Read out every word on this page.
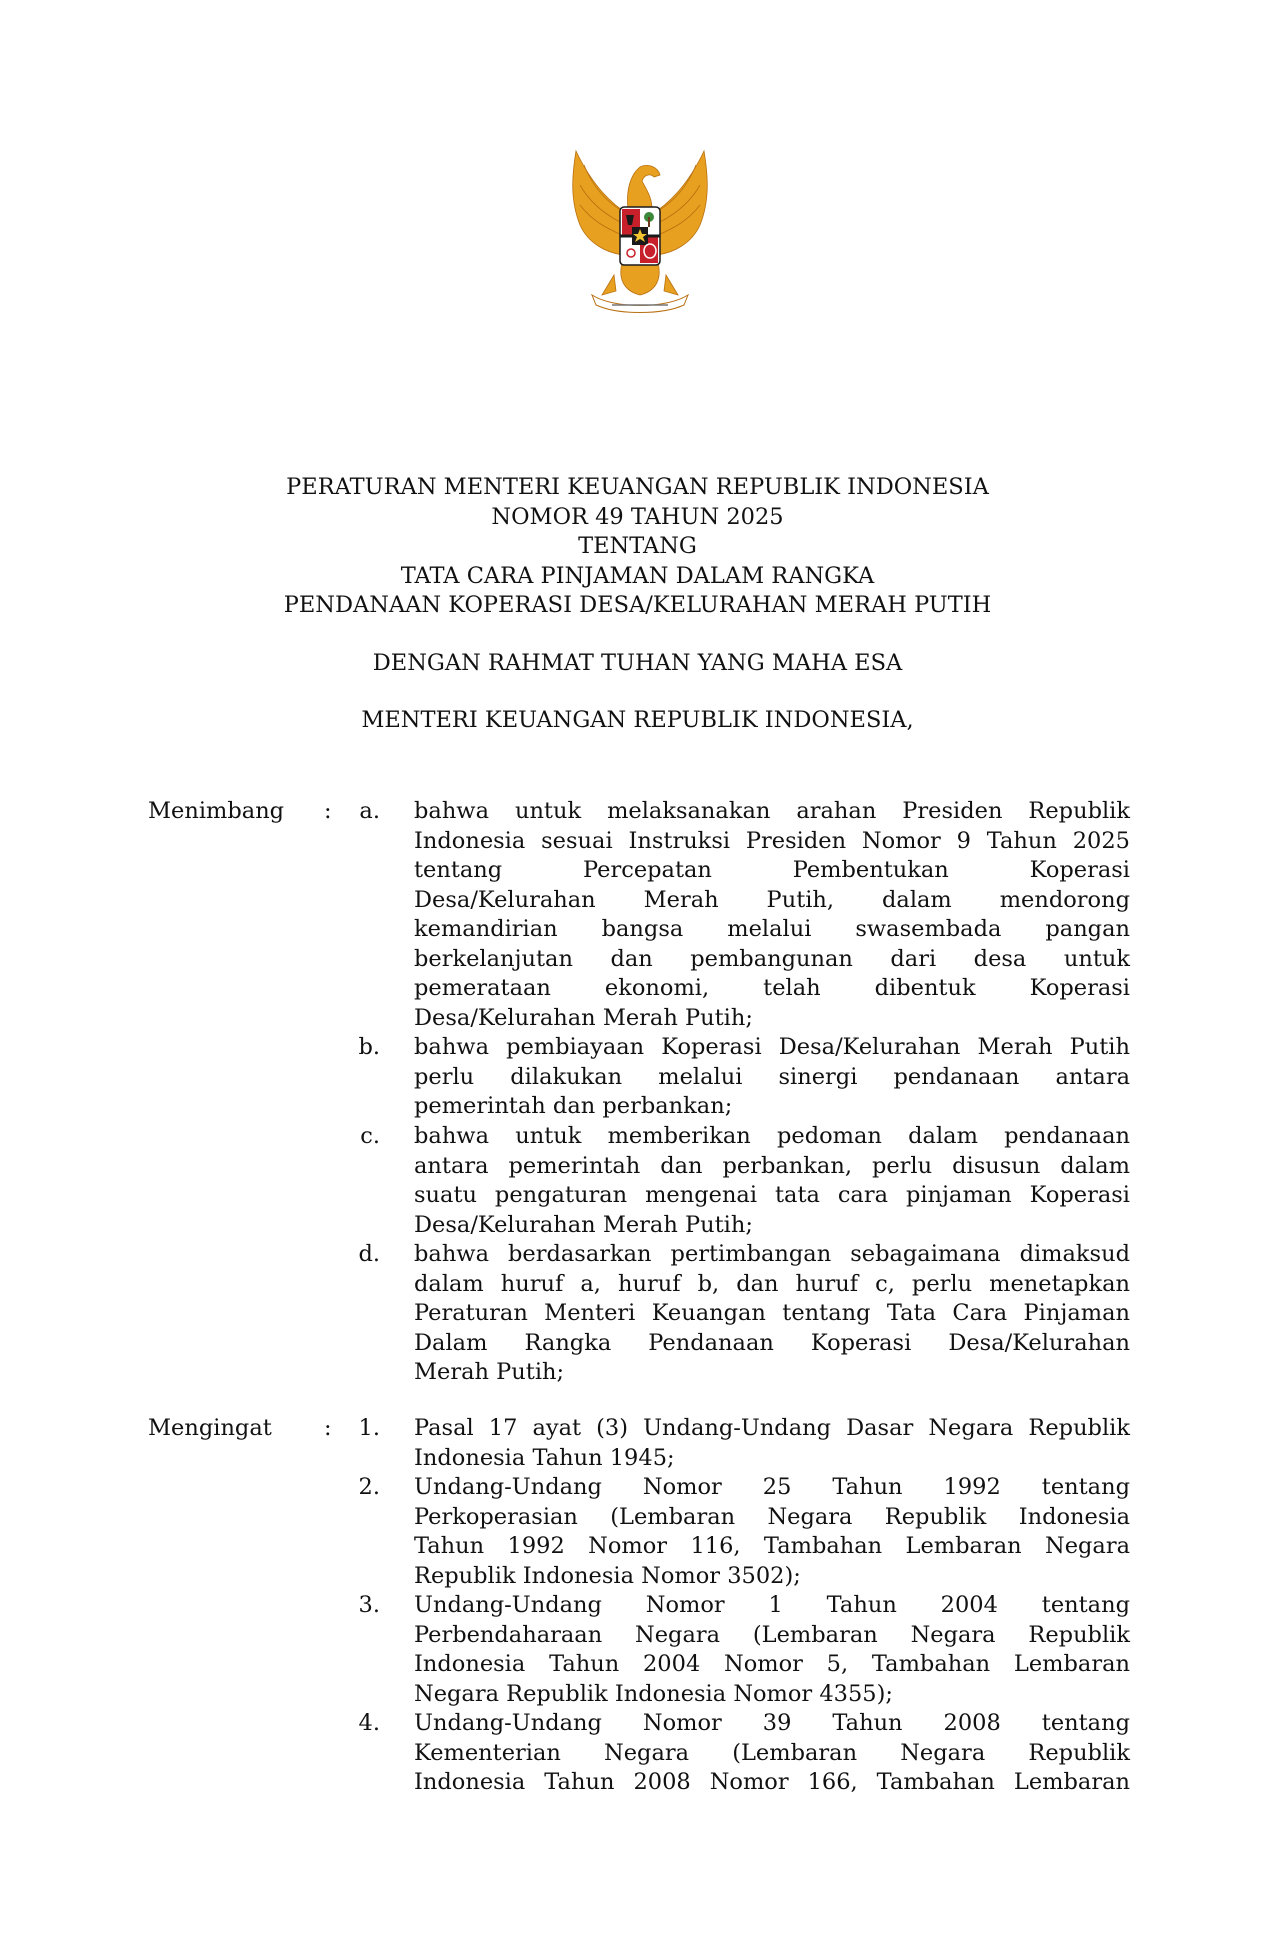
PERATURAN MENTERI KEUANGAN REPUBLIK INDONESIA
NOMOR 49 TAHUN 2025
TENTANG
TATA CARA PINJAMAN DALAM RANGKA
PENDANAAN KOPERASI DESA/KELURAHAN MERAH PUTIH
DENGAN RAHMAT TUHAN YANG MAHA ESA
MENTERI KEUANGAN REPUBLIK INDONESIA,
Menimbang :	a. bahwa untuk melaksanakan arahan Presiden Republik
Indonesia sesuai Instruksi Presiden Nomor 9 Tahun 2025
tentang Percepatan Pembentukan Koperasi
Desa/Kelurahan Merah Putih, dalam mendorong
kemandirian bangsa melalui swasembada pangan
berkelanjutan dan pembangunan dari desa untuk
pemerataan ekonomi, telah dibentuk Koperasi
Desa/Kelurahan Merah Putih;
b. bahwa pembiayaan Koperasi Desa/Kelurahan Merah Putih
perlu dilakukan melalui sinergi pendanaan antara
pemerintah dan perbankan;
c. bahwa untuk memberikan pedoman dalam pendanaan
antara pemerintah dan perbankan, perlu disusun dalam
suatu pengaturan mengenai tata cara pinjaman Koperasi
Desa/Kelurahan Merah Putih;
d. bahwa berdasarkan pertimbangan sebagaimana dimaksud
dalam huruf a, huruf b, dan huruf c, perlu menetapkan
Peraturan Menteri Keuangan tentang Tata Cara Pinjaman
Dalam Rangka Pendanaan Koperasi Desa/Kelurahan
Merah Putih;
Mengingat :	1. Pasal 17 ayat (3) Undang-Undang Dasar Negara Republik
Indonesia Tahun 1945;
2. Undang-Undang Nomor 25 Tahun 1992 tentang
Perkoperasian (Lembaran Negara Republik Indonesia
Tahun 1992 Nomor 116, Tambahan Lembaran Negara
Republik Indonesia Nomor 3502);
3. Undang-Undang Nomor 1 Tahun 2004 tentang
Perbendaharaan Negara (Lembaran Negara Republik
Indonesia Tahun 2004 Nomor 5, Tambahan Lembaran
Negara Republik Indonesia Nomor 4355);
4. Undang-Undang Nomor 39 Tahun 2008 tentang
Kementerian Negara (Lembaran Negara Republik
Indonesia Tahun 2008 Nomor 166, Tambahan Lembaran
